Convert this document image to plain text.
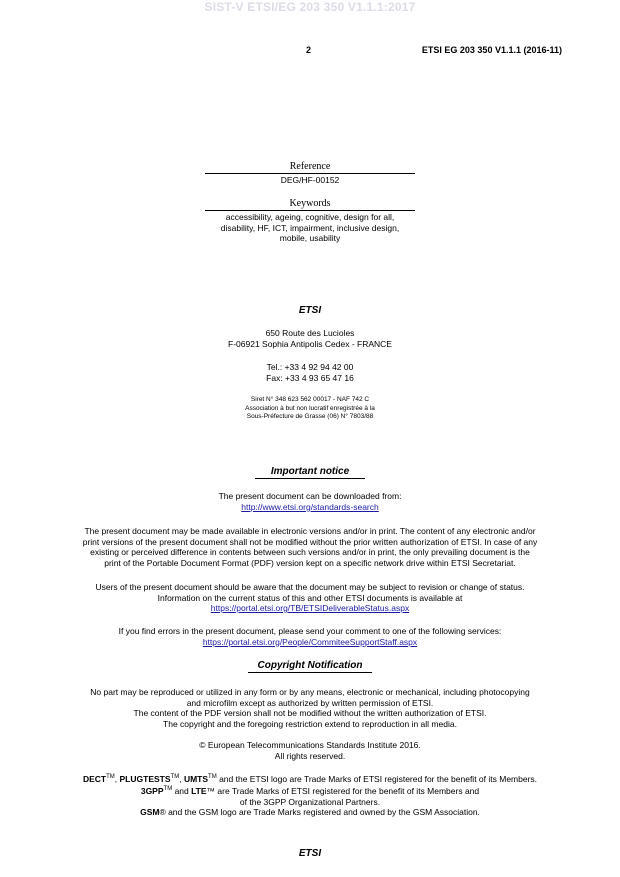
SIST-V ETSI/EG 203 350 V1.1.1:2017
2	ETSI EG 203 350 V1.1.1 (2016-11)
Reference
DEG/HF-00152
Keywords
accessibility, ageing, cognitive, design for all,
disability, HF, ICT, impairment, inclusive design,
mobile, usability
ETSI
650 Route des Lucioles
F-06921 Sophia Antipolis Cedex - FRANCE
Tel.: +33 4 92 94 42 00
Fax: +33 4 93 65 47 16
Siret N° 348 623 562 00017 - NAF 742 C
Association à but non lucratif enregistrée à la
Sous-Préfecture de Grasse (06) N° 7803/88
Important notice
The present document can be downloaded from:
http://www.etsi.org/standards-search
The present document may be made available in electronic versions and/or in print. The content of any electronic and/or
print versions of the present document shall not be modified without the prior written authorization of ETSI. In case of any
existing or perceived difference in contents between such versions and/or in print, the only prevailing document is the
print of the Portable Document Format (PDF) version kept on a specific network drive within ETSI Secretariat.
Users of the present document should be aware that the document may be subject to revision or change of status.
Information on the current status of this and other ETSI documents is available at
https://portal.etsi.org/TB/ETSIDeliverableStatus.aspx
If you find errors in the present document, please send your comment to one of the following services:
https://portal.etsi.org/People/CommiteeSupportStaff.aspx
Copyright Notification
No part may be reproduced or utilized in any form or by any means, electronic or mechanical, including photocopying
and microfilm except as authorized by written permission of ETSI.
The content of the PDF version shall not be modified without the written authorization of ETSI.
The copyright and the foregoing restriction extend to reproduction in all media.
© European Telecommunications Standards Institute 2016.
All rights reserved.
DECT™, PLUGTESTS™, UMTS™ and the ETSI logo are Trade Marks of ETSI registered for the benefit of its Members.
3GPP™ and LTE™ are Trade Marks of ETSI registered for the benefit of its Members and
of the 3GPP Organizational Partners.
GSM® and the GSM logo are Trade Marks registered and owned by the GSM Association.
ETSI
